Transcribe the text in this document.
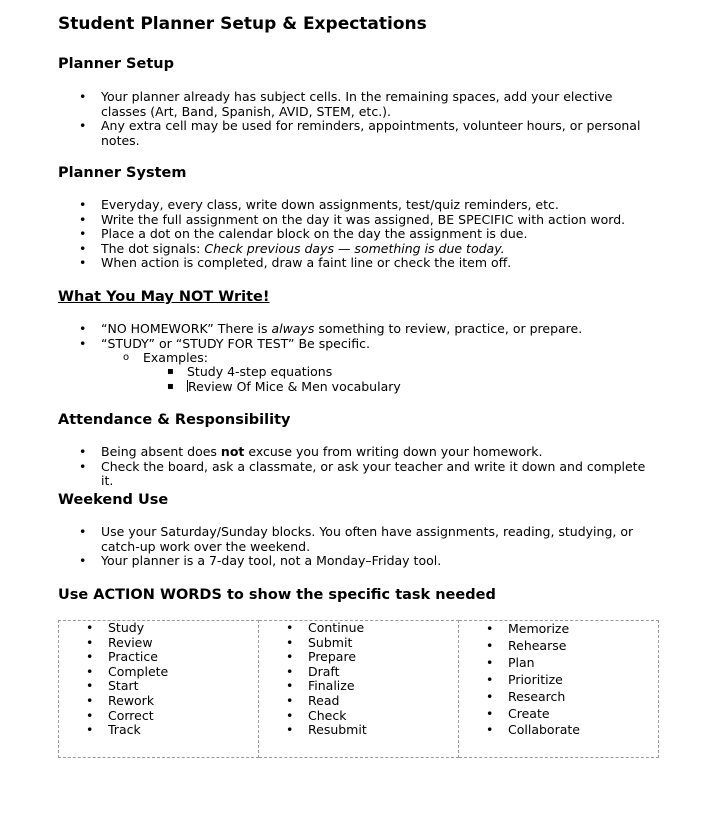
Student Planner Setup & Expectations
Planner Setup
• Your planner already has subject cells. In the remaining spaces, add your elective classes (Art, Band, Spanish, AVID, STEM, etc.).
• Any extra cell may be used for reminders, appointments, volunteer hours, or personal notes.
Planner System
• Everyday, every class, write down assignments, test/quiz reminders, etc.
• Write the full assignment on the day it was assigned, BE SPECIFIC with action word.
• Place a dot on the calendar block on the day the assignment is due.
• The dot signals: Check previous days — something is due today.
• When action is completed, draw a faint line or check the item off.
What You May NOT Write!
• “NO HOMEWORK” There is always something to review, practice, or prepare.
• “STUDY” or “STUDY FOR TEST” Be specific.
o Examples:
▪ Study 4-step equations
▪ Review Of Mice & Men vocabulary
Attendance & Responsibility
• Being absent does not excuse you from writing down your homework.
• Check the board, ask a classmate, or ask your teacher and write it down and complete it.
Weekend Use
• Use your Saturday/Sunday blocks. You often have assignments, reading, studying, or catch-up work over the weekend.
• Your planner is a 7-day tool, not a Monday–Friday tool.
Use ACTION WORDS to show the specific task needed
• Study
• Review
• Practice
• Complete
• Start
• Rework
• Correct
• Track

• Continue
• Submit
• Prepare
• Draft
• Finalize
• Read
• Check
• Resubmit

• Memorize
• Rehearse
• Plan
• Prioritize
• Research
• Create
• Collaborate
